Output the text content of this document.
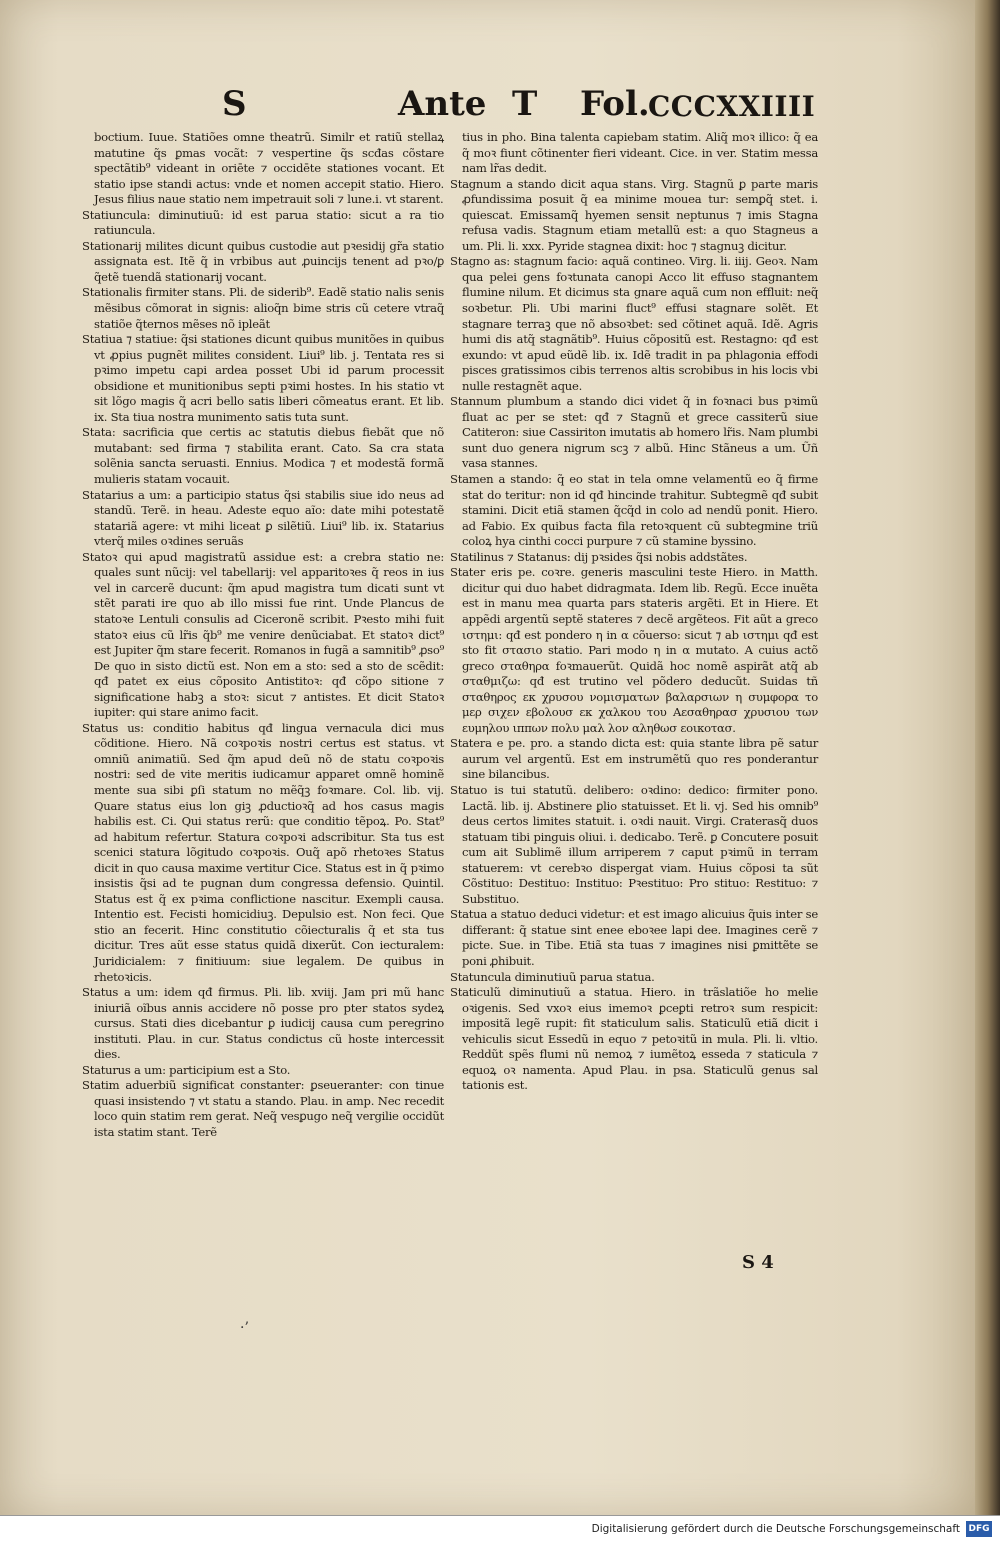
S	Ante T Fol.
CCCXXIIII

boctium. Iuue. Statiões omne theatrũ. Similr et ratiũ stellaꝝ matutine q̃s ꝑmas vocãt: ⁊ vespertine q̃s scđas cõstare spectãtib⁹ videant in oriēte ⁊ occidēte stationes vocant. Et statio ipse standi actus: vnde et nomen accepit statio. Hiero. Jesus filius naue statio nem impetrauit soli ⁊ lune.i. vt starent.

Statiuncula: diminutiuũ: id est parua statio: sicut a ra tio ratiuncula.

Stationarij milites dicunt quibus custodie aut pꝛesidij gr̃a statio assignata est. Itẽ q̃ in vrbibus aut ꝓuincijs tenent ad pꝛo/ꝑ q̃etẽ tuendã stationarij vocant.

Stationalis firmiter stans. Pli. de siderib⁹. Eadẽ statio nalis senis mẽsibus cõmorat in signis: alioq̃n bime stris cũ cetere vtraq̃ statiõe q̃ternos mẽses nõ ipleãt

Statiua ⁊ statiue: q̃si stationes dicunt quibus munitões in quibus vt ꝓpius pugnẽt milites consident. Liui⁹ lib. j. Tentata res si pꝛimo impetu capi ardea posset Ubi id parum processit obsidione et munitionibus septi pꝛimi hostes. In his statio vt sit lõgo magis q̃ acri bello satis liberi cõmeatus erant. Et lib. ix. Sta tiua nostra munimento satis tuta sunt.

Stata: sacrificia que certis ac statutis diebus fiebãt que nõ mutabant: sed firma ⁊ stabilita erant. Cato. Sa cra stata solẽnia sancta seruasti. Ennius. Modica ⁊ et modestã formã mulieris statam vocauit.

Statarius a um: a participio status q̃si stabilis siue ido neus ad standũ. Terẽ. in heau. Adeste equo aĩo: date mihi potestatẽ statariã agere: vt mihi liceat ꝑ silẽtiũ. Liui⁹ lib. ix. Statarius vterq̃ miles oꝛdines seruãs

Statoꝛ qui apud magistratũ assidue est: a crebra statio ne: quales sunt nũcij: vel tabellarij: vel apparitoꝛes q̃ reos in ius vel in carcerẽ ducunt: q̃m apud magistra tum dicati sunt vt stẽt parati ire quo ab illo missi fue rint. Unde Plancus de statoꝛe Lentuli consulis ad Ciceronẽ scribit. Pꝛesto mihi fuit statoꝛ eius cũ lr̃is q̃b⁹ me venire denũciabat. Et statoꝛ dict⁹ est Jupiter q̃m stare fecerit. Romanos in fugã a samnitib⁹ ꝓso⁹ De quo in sisto dictũ est. Non em a sto: sed a sto de scẽdit: qđ patet ex eius cõposito Antistitoꝛ: qđ cõpo sitione ⁊ significatione habꝫ a stoꝛ: sicut ⁊ antistes. Et dicit Statoꝛ iupiter: qui stare animo facit.

Status us: conditio habitus qđ lingua vernacula dici mus cõditione. Hiero. Nã coꝛpoꝛis nostri certus est status. vt omniũ animatiũ. Sed q̃m apud deũ nõ de statu coꝛpoꝛis nostri: sed de vite meritis iudicamur apparet omnẽ hominẽ mente sua sibi ꝑſi statum no mẽq̃ꝫ foꝛmare. Col. lib. vij. Quare status eius lon giꝫ ꝓductioꝛq̃ ad hos casus magis habilis est. Ci. Qui status rerũ: que conditio tẽpoꝝ. Po. Stat⁹ ad habitum refertur. Statura coꝛpoꝛi adscribitur. Sta tus est scenici statura lõgitudo coꝛpoꝛis. Ouq̃ apõ rhetoꝛes Status dicit in quo causa maxime vertitur Cice. Status est in q̃ pꝛimo insistis q̃si ad te pugnan dum congressa defensio. Quintil. Status est q̃ ex pꝛima conflictione nascitur. Exempli causa. Intentio est. Fecisti homicidiuꝫ. Depulsio est. Non feci. Que stio an fecerit. Hinc constitutio cõiecturalis q̃ et sta tus dicitur. Tres aũt esse status quidã dixerũt. Con iecturalem: Juridicialem: ⁊ finitiuum: siue legalem. De quibus in rhetoꝛicis.

Status a um: idem qđ firmus. Pli. lib. xviij. Jam pri mũ hanc iniuriã oĩbus annis accidere nõ posse pro pter statos sydeꝝ cursus. Stati dies dicebantur ꝑ iudicij causa cum peregrino instituti. Plau. in cur. Status condictus cũ hoste intercessit dies.

Staturus a um: participium est a Sto.

Statim aduerbiũ significat constanter: ꝑseueranter: con tinue quasi insistendo ⁊ vt statu a stando. Plau. in amp. Nec recedit loco quin statim rem gerat. Neq̃ vesꝑugo neq̃ vergilie occidũt ista statim stant. Terẽ

tius in pho. Bina talenta capiebam statim. Aliq̃ moꝛ illico: q̃ ea q̃ moꝛ fiunt cõtinenter fieri videant. Cice. in ver. Statim messa nam lr̃as dedit.

Stagnum a stando dicit aqua stans. Virg. Stagnũ ꝑ parte maris ꝓfundissima posuit q̃ ea minime mouea tur: semꝑq̃ stet. i. quiescat. Emissamq̃ hyemen sensit neptunus ⁊ imis Stagna refusa vadis. Stagnum etiam metallũ est: a quo Stagneus a um. Pli. li. xxx. Pyride stagnea dixit: hoc ⁊ stagnuꝫ dicitur.

Stagno as: stagnum facio: aquã contineo. Virg. li. iiij. Geoꝛ. Nam qua pelei gens foꝛtunata canopi Acco lit effuso stagnantem flumine nilum. Et dicimus sta gnare aquã cum non effluit: neq̃ soꝛbetur. Pli. Ubi marini fluct⁹ effusi stagnare solẽt. Et stagnare terraꝫ que nõ absoꝛbet: sed cõtinet aquã. Idẽ. Agris humi dis atq̃ stagnãtib⁹. Huius cõpositũ est. Restagno: qđ est exundo: vt apud eũdẽ lib. ix. Idẽ tradit in pa phlagonia effodi pisces gratissimos cibis terrenos altis scrobibus in his locis vbi nulle restagnẽt aque.

Stannum plumbum a stando dici videt q̃ in foꝛnaci bus pꝛimũ fluat ac per se stet: qđ ⁊ Stagnũ et grece cassiterũ siue Catiteron: siue Cassiriton imutatis ab homero lr̃is. Nam plumbi sunt duo genera nigrum scꝫ ⁊ albũ. Hinc Stãneus a um. Ũñ vasa stannes.

Stamen a stando: q̃ eo stat in tela omne velamentũ eo q̃ firme stat do teritur: non id qđ hincinde trahitur. Subtegmẽ qđ subit stamini. Dicit etiã stamen q̃cq̃d in colo ad nendũ ponit. Hiero. ad Fabio. Ex quibus facta fila retoꝛquent cũ subtegmine triũ coloꝝ hya cinthi cocci purpure ⁊ cũ stamine byssino.

Statilinus ⁊ Statanus: dij pꝛsides q̃si nobis addstãtes.

Stater eris pe. coꝛre. generis masculini teste Hiero. in Matth. dicitur qui duo habet didragmata. Idem lib. Regũ. Ecce inuẽta est in manu mea quarta pars stateris argẽti. Et in Hiere. Et appẽdi argentũ septẽ stateres ⁊ decẽ argẽteos. Fit aũt a greco ιστημι: qđ est pondero η in α cõuerso: sicut ⁊ ab ιστημι qđ est sto fit στασιο statio. Pari modo η in α mutato. A cuius actõ greco σταθηρα foꝛmauerũt. Quidã hoc nomẽ aspirãt atq̃ ab σταθμιζω: qđ est trutino vel põdero deducũt. Suidas tñ σταθηρος εκ χρυσου νομισματων βαλαρσιων η συμφορα το μερ σιχεν εβολουσ εκ χαλκου του Αεσαθηρασ χρυσιου των ευμηλου ιππων πολυ μαλ λον αληθωσ εοικοτασ.

Statera e pe. pro. a stando dicta est: quia stante libra pẽ satur aurum vel argentũ. Est em instrumẽtũ quo res ponderantur sine bilancibus.

Statuo is tui statutũ. delibero: oꝛdino: dedico: firmiter pono. Lactã. lib. ij. Abstinere ꝑlio statuisset. Et li. vj. Sed his omnib⁹ deus certos limites statuit. i. oꝛdi nauit. Virgi. Craterasq̃ duos statuam tibi pinguis oliui. i. dedicabo. Terẽ. ꝑ Concutere posuit cum ait Sublimẽ illum arriperem ⁊ caput pꝛimũ in terram statuerem: vt cerebꝛo dispergat viam. Huius cõposi ta sũt Cõstituo: Destituo: Instituo: Pꝛestituo: Pro stituo: Restituo: ⁊ Substituo.

Statua a statuo deduci videtur: et est imago alicuius q̃uis inter se differant: q̃ statue sint enee eboꝛee lapi dee. Imagines cerẽ ⁊ picte. Sue. in Tibe. Etiã sta tuas ⁊ imagines nisi ꝑmittẽte se poni ꝓhibuit.

Statuncula diminutiuũ parua statua.

Staticulũ diminutiuũ a statua. Hiero. in trãslatiõe ho melie oꝛigenis. Sed vxoꝛ eius imemoꝛ ꝑceꝑti retroꝛ sum respicit: impositã legẽ rupit: fit staticulum salis. Staticulũ etiã dicit i vehiculis sicut Essedũ in equo ⁊ petoꝛitũ in mula. Pli. li. vltio. Reddũt spẽs flumi nũ nemoꝝ ⁊ iumẽtoꝝ esseda ⁊ staticula ⁊ equoꝝ oꝛ namenta. Apud Plau. in psa. Staticulũ genus sal tationis est.

·’
S 4
Digitalisierung gefördert durch die Deutsche Forschungsgemeinschaft DFG
